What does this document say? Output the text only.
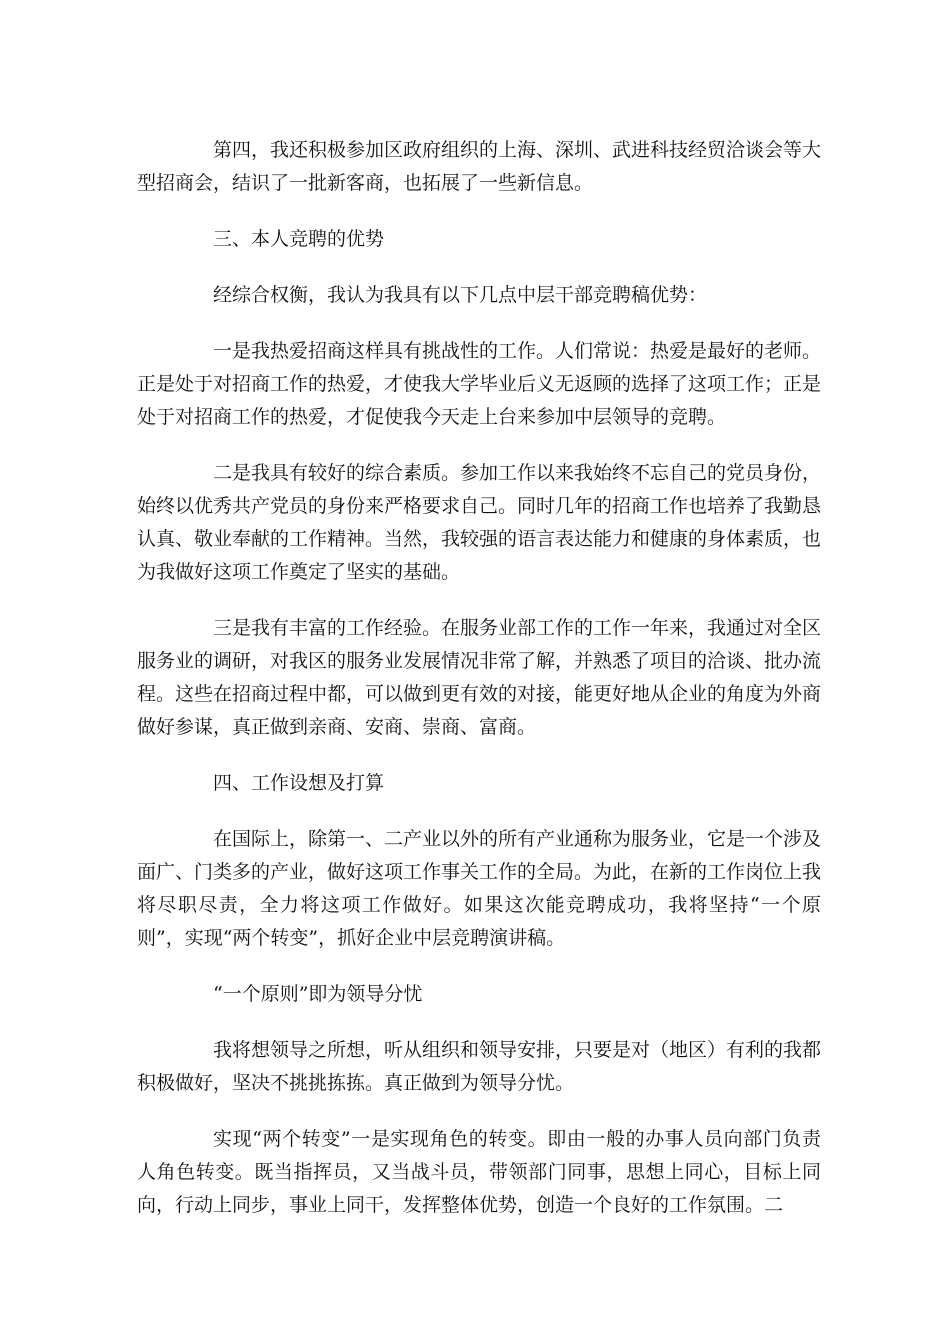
第四，我还积极参加区政府组织的上海、深圳、武进科技经贸洽谈会等大型招商会，结识了一批新客商，也拓展了一些新信息。

三、本人竞聘的优势

经综合权衡，我认为我具有以下几点中层干部竞聘稿优势：

一是我热爱招商这样具有挑战性的工作。人们常说：热爱是最好的老师。正是处于对招商工作的热爱，才使我大学毕业后义无返顾的选择了这项工作；正是处于对招商工作的热爱，才促使我今天走上台来参加中层领导的竞聘。

二是我具有较好的综合素质。参加工作以来我始终不忘自己的党员身份，始终以优秀共产党员的身份来严格要求自己。同时几年的招商工作也培养了我勤恳认真、敬业奉献的工作精神。当然，我较强的语言表达能力和健康的身体素质，也为我做好这项工作奠定了坚实的基础。

三是我有丰富的工作经验。在服务业部工作的工作一年来，我通过对全区服务业的调研，对我区的服务业发展情况非常了解，并熟悉了项目的洽谈、批办流程。这些在招商过程中都，可以做到更有效的对接，能更好地从企业的角度为外商做好参谋，真正做到亲商、安商、崇商、富商。

四、工作设想及打算

在国际上，除第一、二产业以外的所有产业通称为服务业，它是一个涉及面广、门类多的产业，做好这项工作事关工作的全局。为此，在新的工作岗位上我将尽职尽责，全力将这项工作做好。如果这次能竞聘成功，我将坚持“一个原则”，实现“两个转变”，抓好企业中层竞聘演讲稿。

“一个原则”即为领导分忧

我将想领导之所想，听从组织和领导安排，只要是对（地区）有利的我都积极做好，坚决不挑挑拣拣。真正做到为领导分忧。

实现“两个转变”一是实现角色的转变。即由一般的办事人员向部门负责人角色转变。既当指挥员，又当战斗员，带领部门同事，思想上同心，目标上同向，行动上同步，事业上同干，发挥整体优势，创造一个良好的工作氛围。二
